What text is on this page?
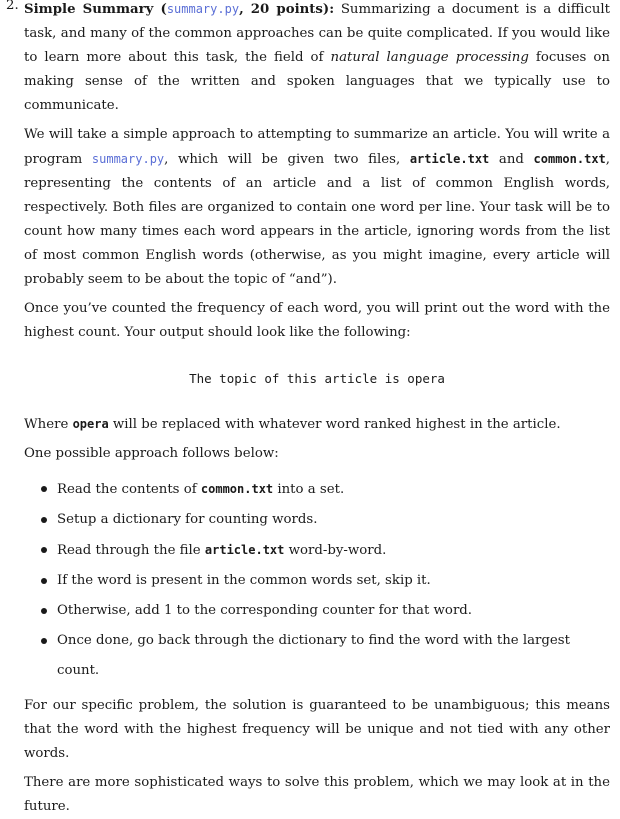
2. Simple Summary (summary.py, 20 points): Summarizing a document is a difficult task, and many of the common approaches can be quite complicated. If you would like to learn more about this task, the field of natural language processing focuses on making sense of the written and spoken languages that we typically use to communicate.

We will take a simple approach to attempting to summarize an article. You will write a program summary.py, which will be given two files, article.txt and common.txt, representing the contents of an article and a list of common English words, respectively. Both files are organized to contain one word per line. Your task will be to count how many times each word appears in the article, ignoring words from the list of most common English words (otherwise, as you might imagine, every article will probably seem to be about the topic of “and”).

Once you’ve counted the frequency of each word, you will print out the word with the highest count. Your output should look like the following:

The topic of this article is opera

Where opera will be replaced with whatever word ranked highest in the article.

One possible approach follows below:

Read the contents of common.txt into a set.
Setup a dictionary for counting words.
Read through the file article.txt word-by-word.
If the word is present in the common words set, skip it.
Otherwise, add 1 to the corresponding counter for that word.
Once done, go back through the dictionary to find the word with the largest count.

For our specific problem, the solution is guaranteed to be unambiguous; this means that the word with the highest frequency will be unique and not tied with any other words.

There are more sophisticated ways to solve this problem, which we may look at in the future.
